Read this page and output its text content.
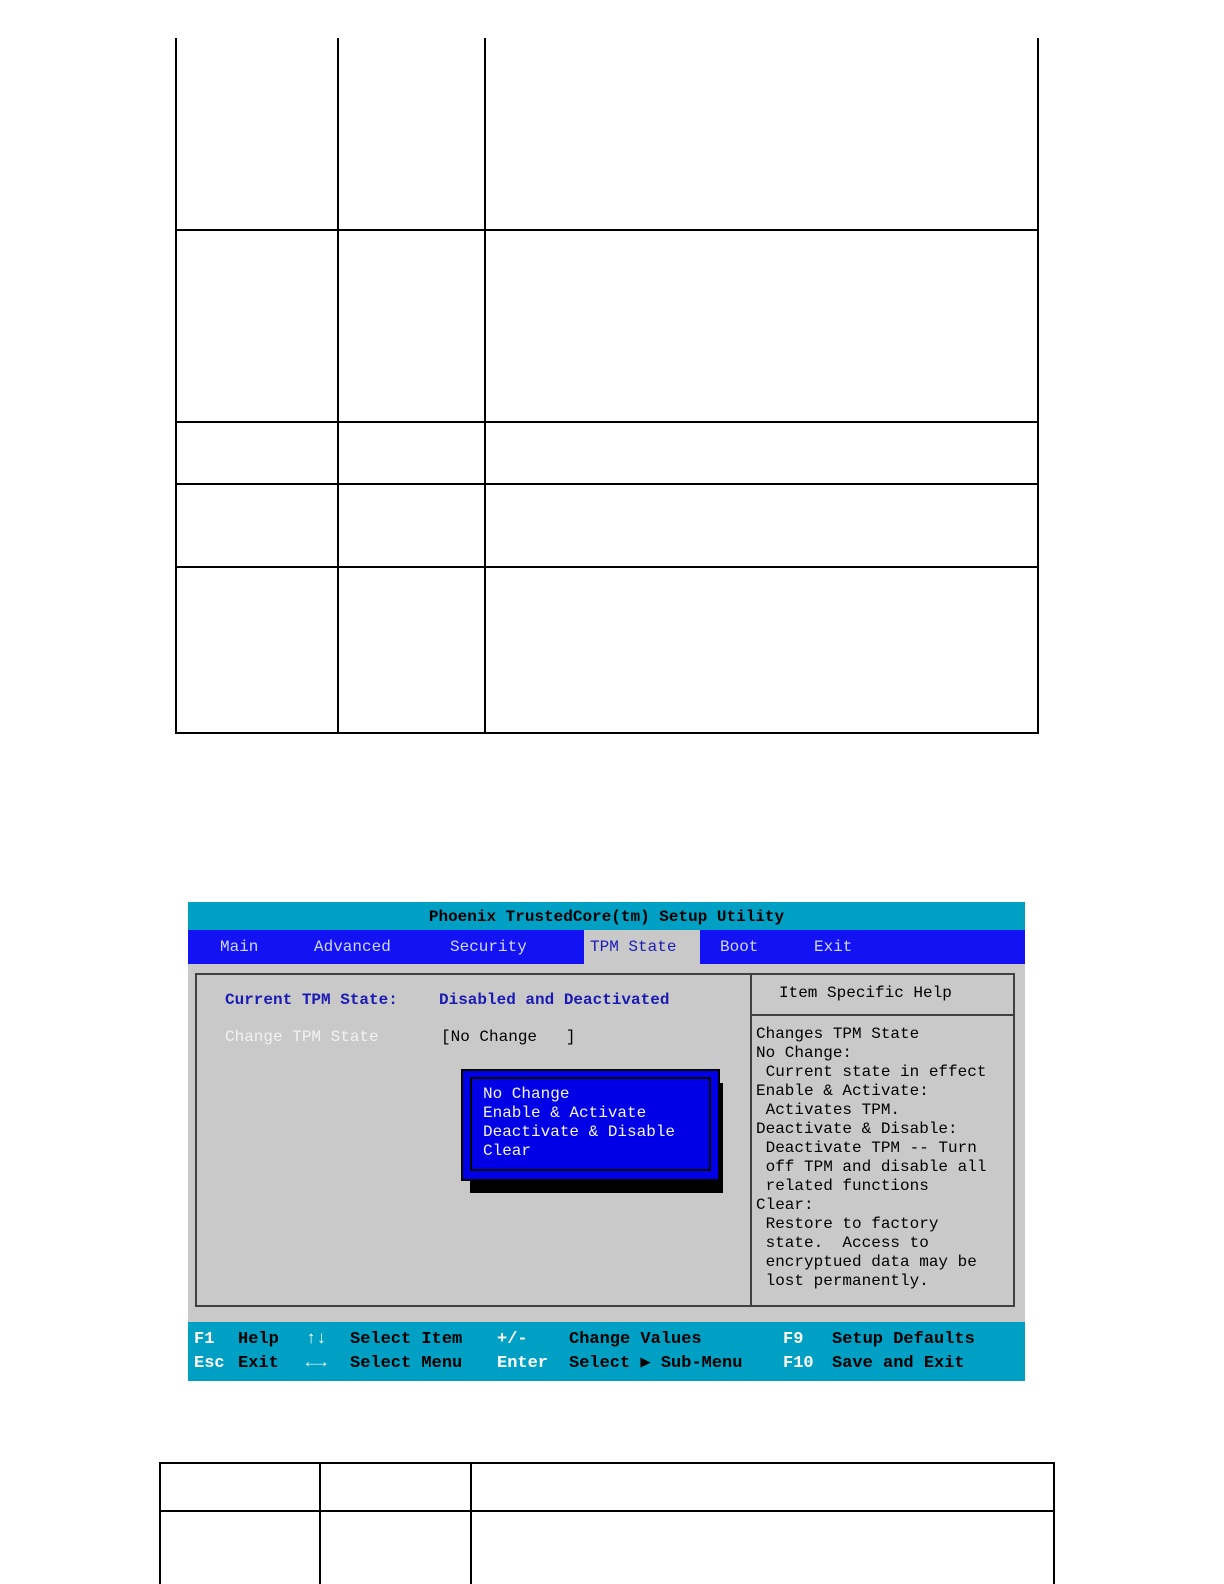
Phoenix TrustedCore(tm) Setup Utility
Main	Advanced	Security	TPM State	Boot	Exit
Current TPM State:	Disabled and Deactivated
Change TPM State	[No Change   ]
No Change
Enable & Activate
Deactivate & Disable
Clear
Item Specific Help
Changes TPM State
No Change:
Current state in effect
Enable & Activate:
Activates TPM.
Deactivate & Disable:
Deactivate TPM -- Turn
off TPM and disable all
related functions
Clear:
Restore to factory
state.  Access to
encryptued data may be
lost permanently.
F1 Help ↑↓ Select Item +/- Change Values	F9 Setup Defaults
Esc Exit ←→ Select Menu Enter Select ▶ Sub-Menu F10 Save and Exit
